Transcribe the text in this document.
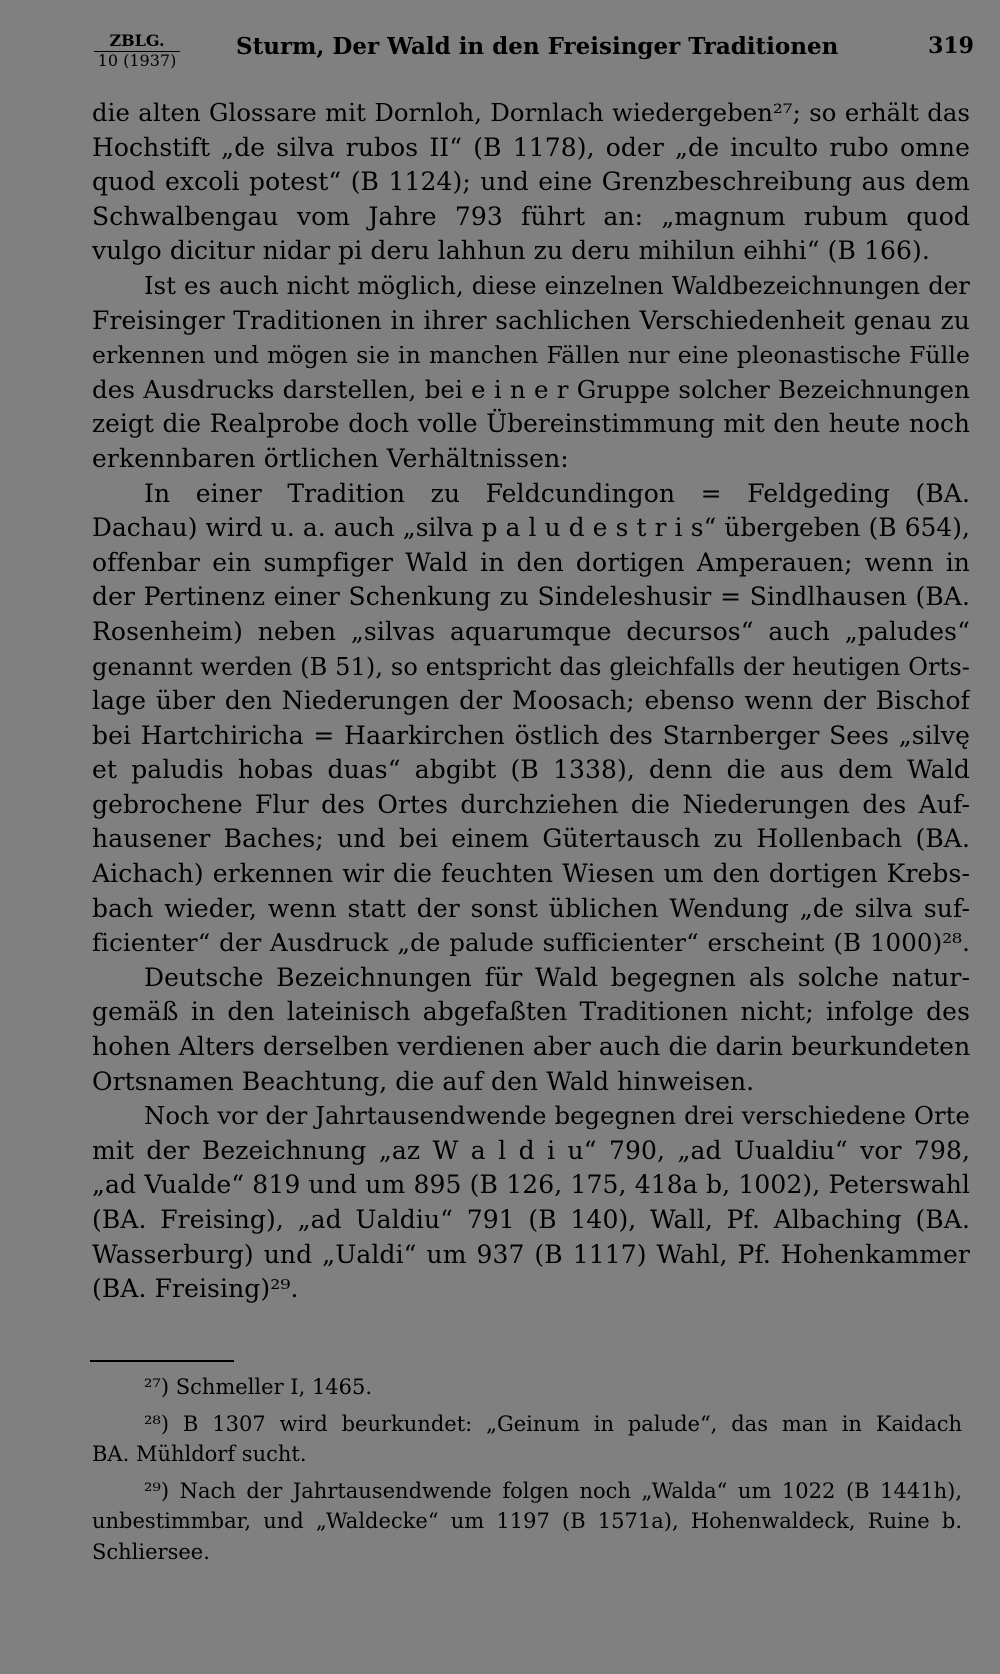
ZBLG.
10 (1937)
Sturm, Der Wald in den Freisinger Traditionen	319
die alten Glossare mit Dornloh, Dornlach wiedergeben²⁷; so erhält das
Hochstift „de silva rubos II“ (B 1178), oder „de inculto rubo omne
quod excoli potest“ (B 1124); und eine Grenzbeschreibung aus dem
Schwalbengau vom Jahre 793 führt an: „magnum rubum quod
vulgo dicitur nidar pi deru lahhun zu deru mihilun eihhi“ (B 166).
Ist es auch nicht möglich, diese einzelnen Waldbezeichnungen der
Freisinger Traditionen in ihrer sachlichen Verschiedenheit genau zu
erkennen und mögen sie in manchen Fällen nur eine pleonastische Fülle
des Ausdrucks darstellen, bei e i n e r Gruppe solcher Bezeichnungen
zeigt die Realprobe doch volle Übereinstimmung mit den heute noch
erkennbaren örtlichen Verhältnissen:
In einer Tradition zu Feldcundingon = Feldgeding (BA.
Dachau) wird u. a. auch „silva p a l u d e s t r i s“ übergeben (B 654),
offenbar ein sumpfiger Wald in den dortigen Amperauen; wenn in
der Pertinenz einer Schenkung zu Sindeleshusir = Sindlhausen (BA.
Rosenheim) neben „silvas aquarumque decursos“ auch „paludes“
genannt werden (B 51), so entspricht das gleichfalls der heutigen Orts-
lage über den Niederungen der Moosach; ebenso wenn der Bischof
bei Hartchiricha = Haarkirchen östlich des Starnberger Sees „silvę
et paludis hobas duas“ abgibt (B 1338), denn die aus dem Wald
gebrochene Flur des Ortes durchziehen die Niederungen des Auf-
hausener Baches; und bei einem Gütertausch zu Hollenbach (BA.
Aichach) erkennen wir die feuchten Wiesen um den dortigen Krebs-
bach wieder, wenn statt der sonst üblichen Wendung „de silva suf-
ficienter“ der Ausdruck „de palude sufficienter“ erscheint (B 1000)²⁸.
Deutsche Bezeichnungen für Wald begegnen als solche natur-
gemäß in den lateinisch abgefaßten Traditionen nicht; infolge des
hohen Alters derselben verdienen aber auch die darin beurkundeten
Ortsnamen Beachtung, die auf den Wald hinweisen.
Noch vor der Jahrtausendwende begegnen drei verschiedene Orte
mit der Bezeichnung „az W a l d i u“ 790, „ad Uualdiu“ vor 798,
„ad Vualde“ 819 und um 895 (B 126, 175, 418a b, 1002), Peterswahl
(BA. Freising), „ad Ualdiu“ 791 (B 140), Wall, Pf. Albaching (BA.
Wasserburg) und „Ualdi“ um 937 (B 1117) Wahl, Pf. Hohenkammer
(BA. Freising)²⁹.
²⁷) Schmeller I, 1465.
²⁸) B 1307 wird beurkundet: „Geinum in palude“, das man in Kaidach
BA. Mühldorf sucht.
²⁹) Nach der Jahrtausendwende folgen noch „Walda“ um 1022 (B 1441h),
unbestimmbar, und „Waldecke“ um 1197 (B 1571a), Hohenwaldeck, Ruine b.
Schliersee.
